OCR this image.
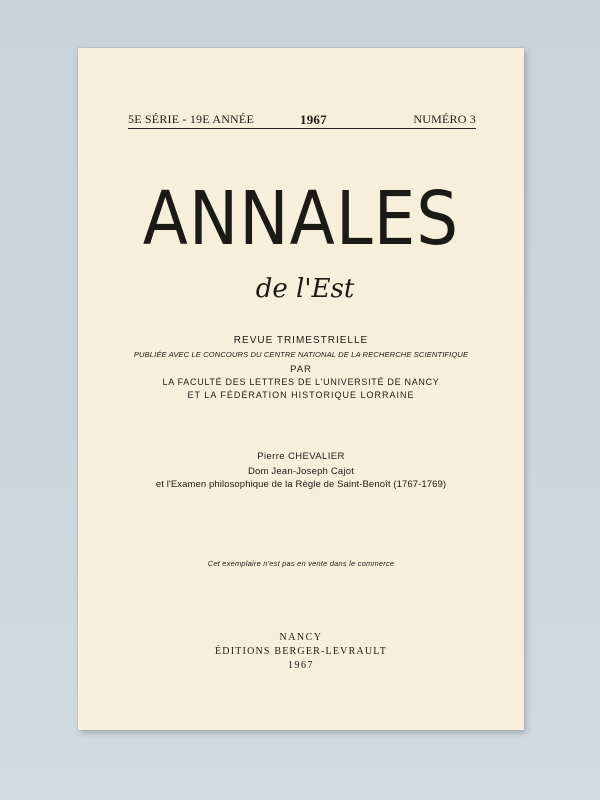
5E SÉRIE - 19E ANNÉE	1967	NUMÉRO 3
ANNALES
de l'Est
REVUE TRIMESTRIELLE
PUBLIÉE AVEC LE CONCOURS DU CENTRE NATIONAL DE LA RECHERCHE SCIENTIFIQUE
PAR
LA FACULTÉ DES LETTRES DE L'UNIVERSITÉ DE NANCY
ET LA FÉDÉRATION HISTORIQUE LORRAINE
Pierre CHEVALIER
Dom Jean-Joseph Cajot
et l'Examen philosophique de la Règle de Saint-Benoît (1767-1769)
Cet exemplaire n'est pas en vente dans le commerce
NANCY
ÉDITIONS BERGER-LEVRAULT
1967
